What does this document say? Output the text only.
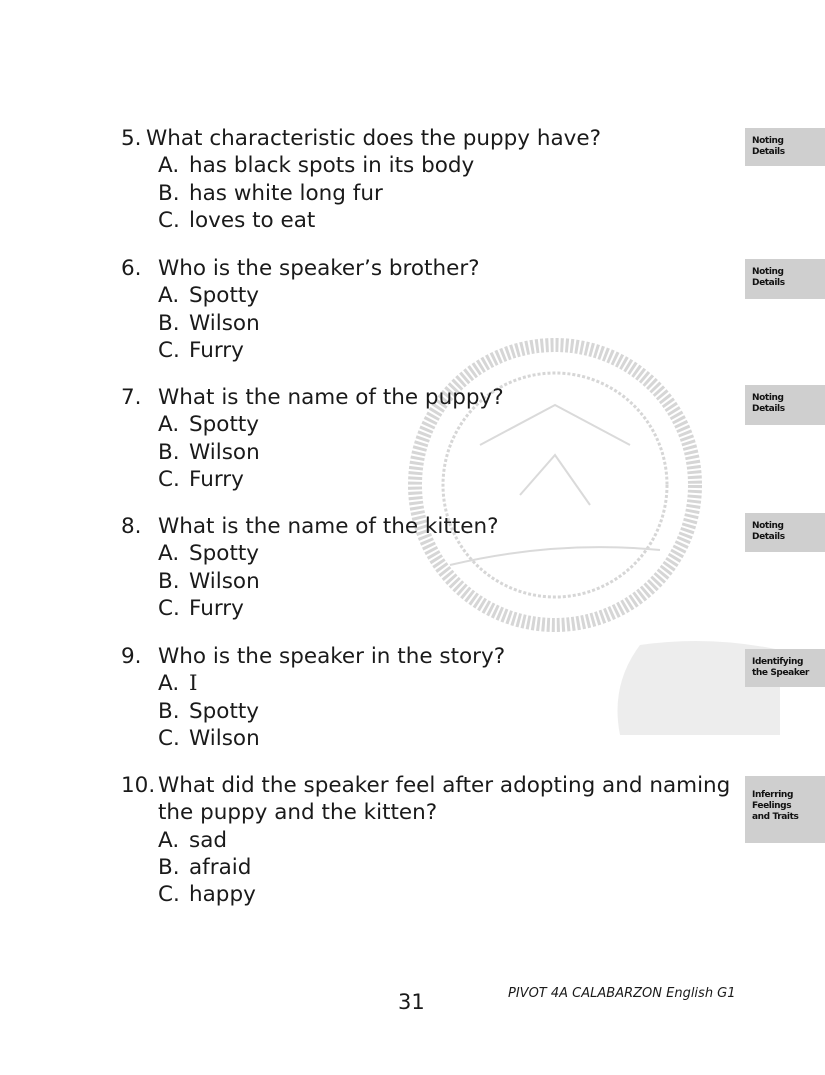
5. What characteristic does the puppy have?
A. has black spots in its body
B. has white long fur
C. loves to eat
Noting
Details
6. Who is the speaker’s brother?
A. Spotty
B. Wilson
C. Furry
Noting
Details
7. What is the name of the puppy?
A. Spotty
B. Wilson
C. Furry
Noting
Details
8. What is the name of the kitten?
A. Spotty
B. Wilson
C. Furry
Noting
Details
9. Who is the speaker in the story?
A. I
B. Spotty
C. Wilson
Identifying
the Speaker
10. What did the speaker feel after adopting and naming
the puppy and the kitten?
A. sad
B. afraid
C. happy
Inferring
Feelings
and Traits
31	PIVOT 4A CALABARZON English G1
